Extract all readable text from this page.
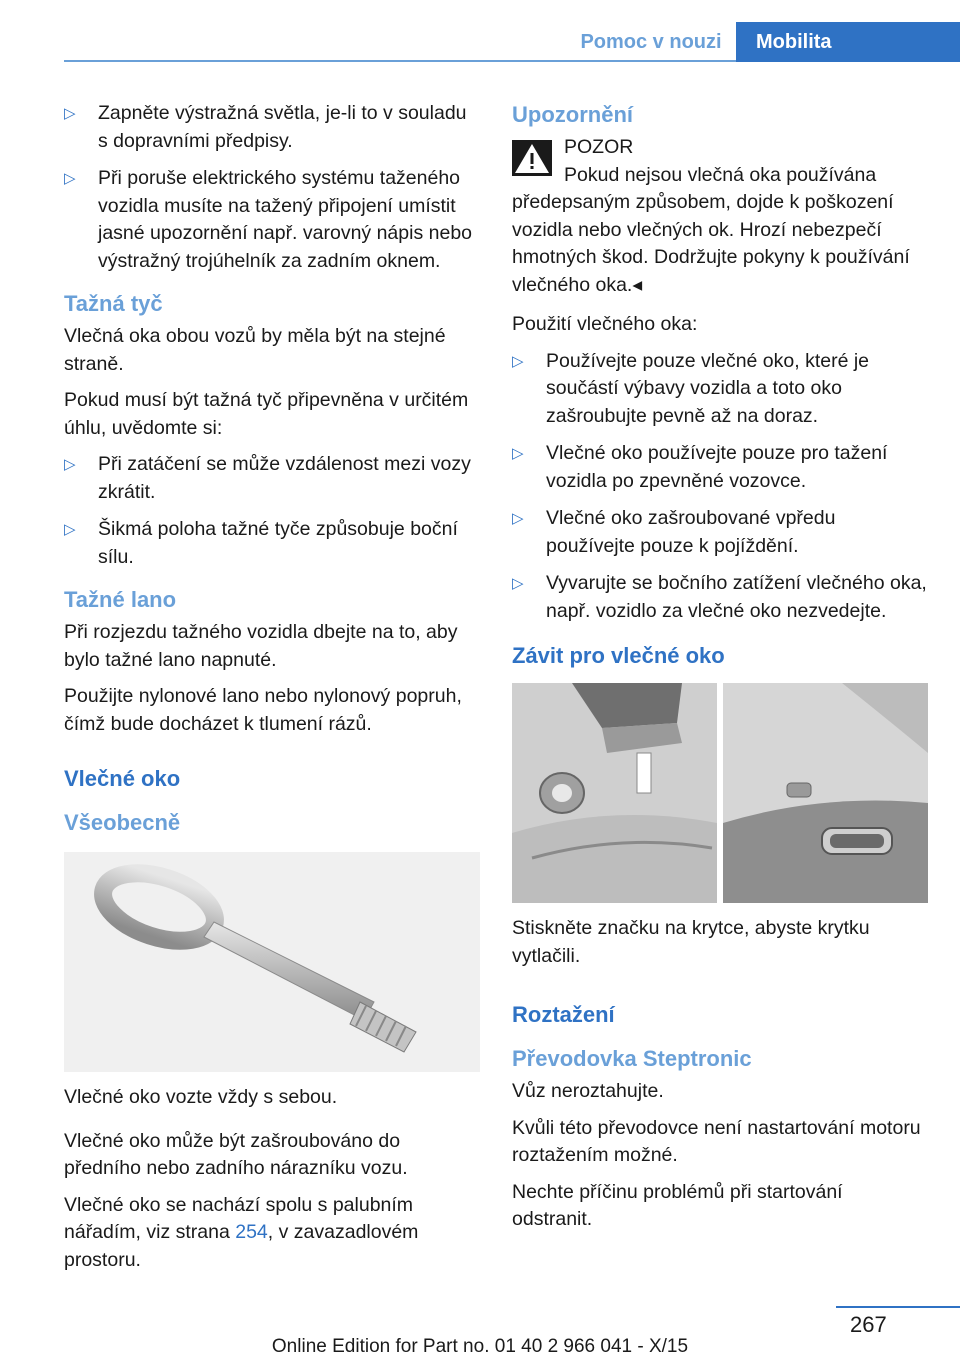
Pomoc v nouzi	Mobilita
▷ Zapněte výstražná světla, je-li to v souladu s dopravními předpisy.
▷ Při poruše elektrického systému taženého vozidla musíte na tažený připojení umístit jasné upozornění např. varovný nápis nebo výstražný trojúhelník za zadním oknem.
Tažná tyč

Vlečná oka obou vozů by měla být na stejné straně.

Pokud musí být tažná tyč připevněna v určitém úhlu, uvědomte si:

▷ Při zatáčení se může vzdálenost mezi vozy zkrátit.
▷ Šikmá poloha tažné tyče způsobuje boční sílu.
Tažné lano

Při rozjezdu tažného vozidla dbejte na to, aby bylo tažné lano napnuté.

Použijte nylonové lano nebo nylonový popruh, čímž bude docházet k tlumení rázů.

Vlečné oko
Všeobecně

Vlečné oko vozte vždy s sebou.

Vlečné oko může být zašroubováno do předního nebo zadního nárazníku vozu.

Vlečné oko se nachází spolu s palubním nářadím, viz strana 254, v zavazadlovém prostoru.

Upozornění
POZOR
Pokud nejsou vlečná oka používána

předepsaným způsobem, dojde k poškození vozidla nebo vlečných ok. Hrozí nebezpečí hmotných škod. Dodržujte pokyny k používání vlečného oka.◂

Použití vlečného oka:

▷ Používejte pouze vlečné oko, které je součástí výbavy vozidla a toto oko zašroubujte pevně až na doraz.
▷ Vlečné oko používejte pouze pro tažení vozidla po zpevněné vozovce.
▷ Vlečné oko zašroubované vpředu používejte pouze k pojíždění.
▷ Vyvarujte se bočního zatížení vlečného oka, např. vozidlo za vlečné oko nezvedejte.
Závit pro vlečné oko

Stiskněte značku na krytce, abyste krytku vytlačili.

Roztažení
Převodovka Steptronic

Vůz neroztahujte.

Kvůli této převodovce není nastartování motoru roztažením možné.

Nechte příčinu problémů při startování odstranit.

267
Online Edition for Part no. 01 40 2 966 041 - X/15
